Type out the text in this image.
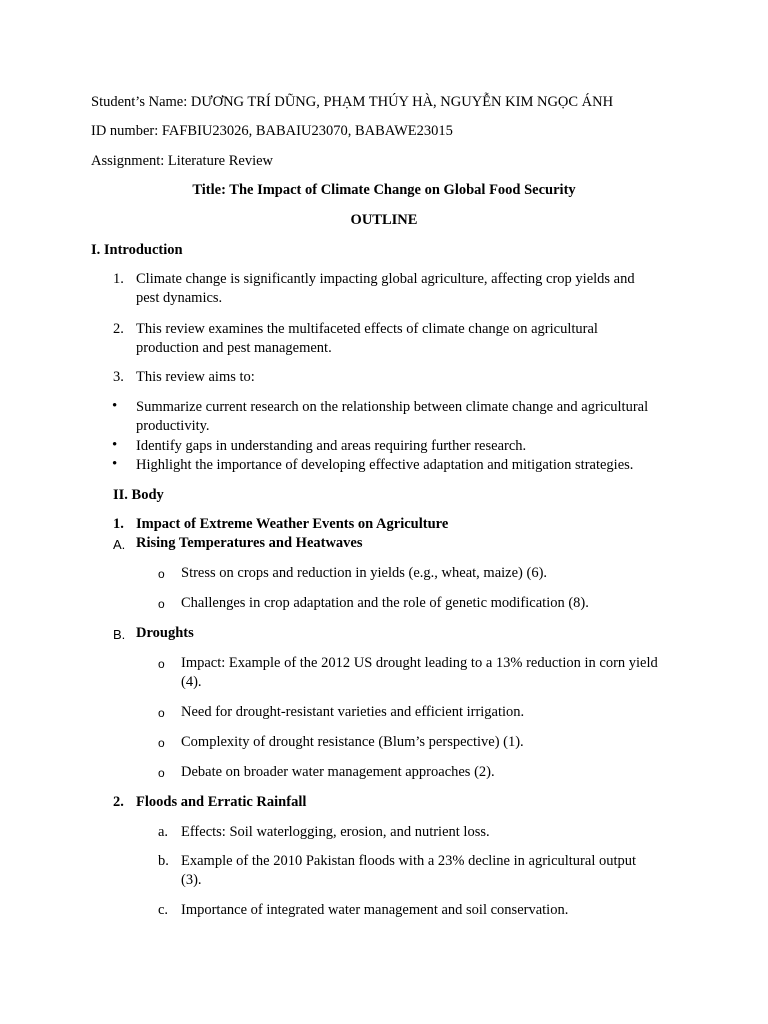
Student’s Name: DƯƠNG TRÍ DŨNG, PHẠM THÚY HÀ, NGUYỄN KIM NGỌC ÁNH
ID number: FAFBIU23026, BABAIU23070, BABAWE23015
Assignment: Literature Review
Title: The Impact of Climate Change on Global Food Security
OUTLINE
I. Introduction
1. Climate change is significantly impacting global agriculture, affecting crop yields and
pest dynamics.
2. This review examines the multifaceted effects of climate change on agricultural
production and pest management.
3. This review aims to:
• Summarize current research on the relationship between climate change and agricultural
productivity.
• Identify gaps in understanding and areas requiring further research.
• Highlight the importance of developing effective adaptation and mitigation strategies.
II. Body
1. Impact of Extreme Weather Events on Agriculture
A. Rising Temperatures and Heatwaves
o Stress on crops and reduction in yields (e.g., wheat, maize) (6).
o Challenges in crop adaptation and the role of genetic modification (8).
B. Droughts
o Impact: Example of the 2012 US drought leading to a 13% reduction in corn yield
(4).
o Need for drought-resistant varieties and efficient irrigation.
o Complexity of drought resistance (Blum’s perspective) (1).
o Debate on broader water management approaches (2).
2. Floods and Erratic Rainfall
a. Effects: Soil waterlogging, erosion, and nutrient loss.
b. Example of the 2010 Pakistan floods with a 23% decline in agricultural output
(3).
c. Importance of integrated water management and soil conservation.
